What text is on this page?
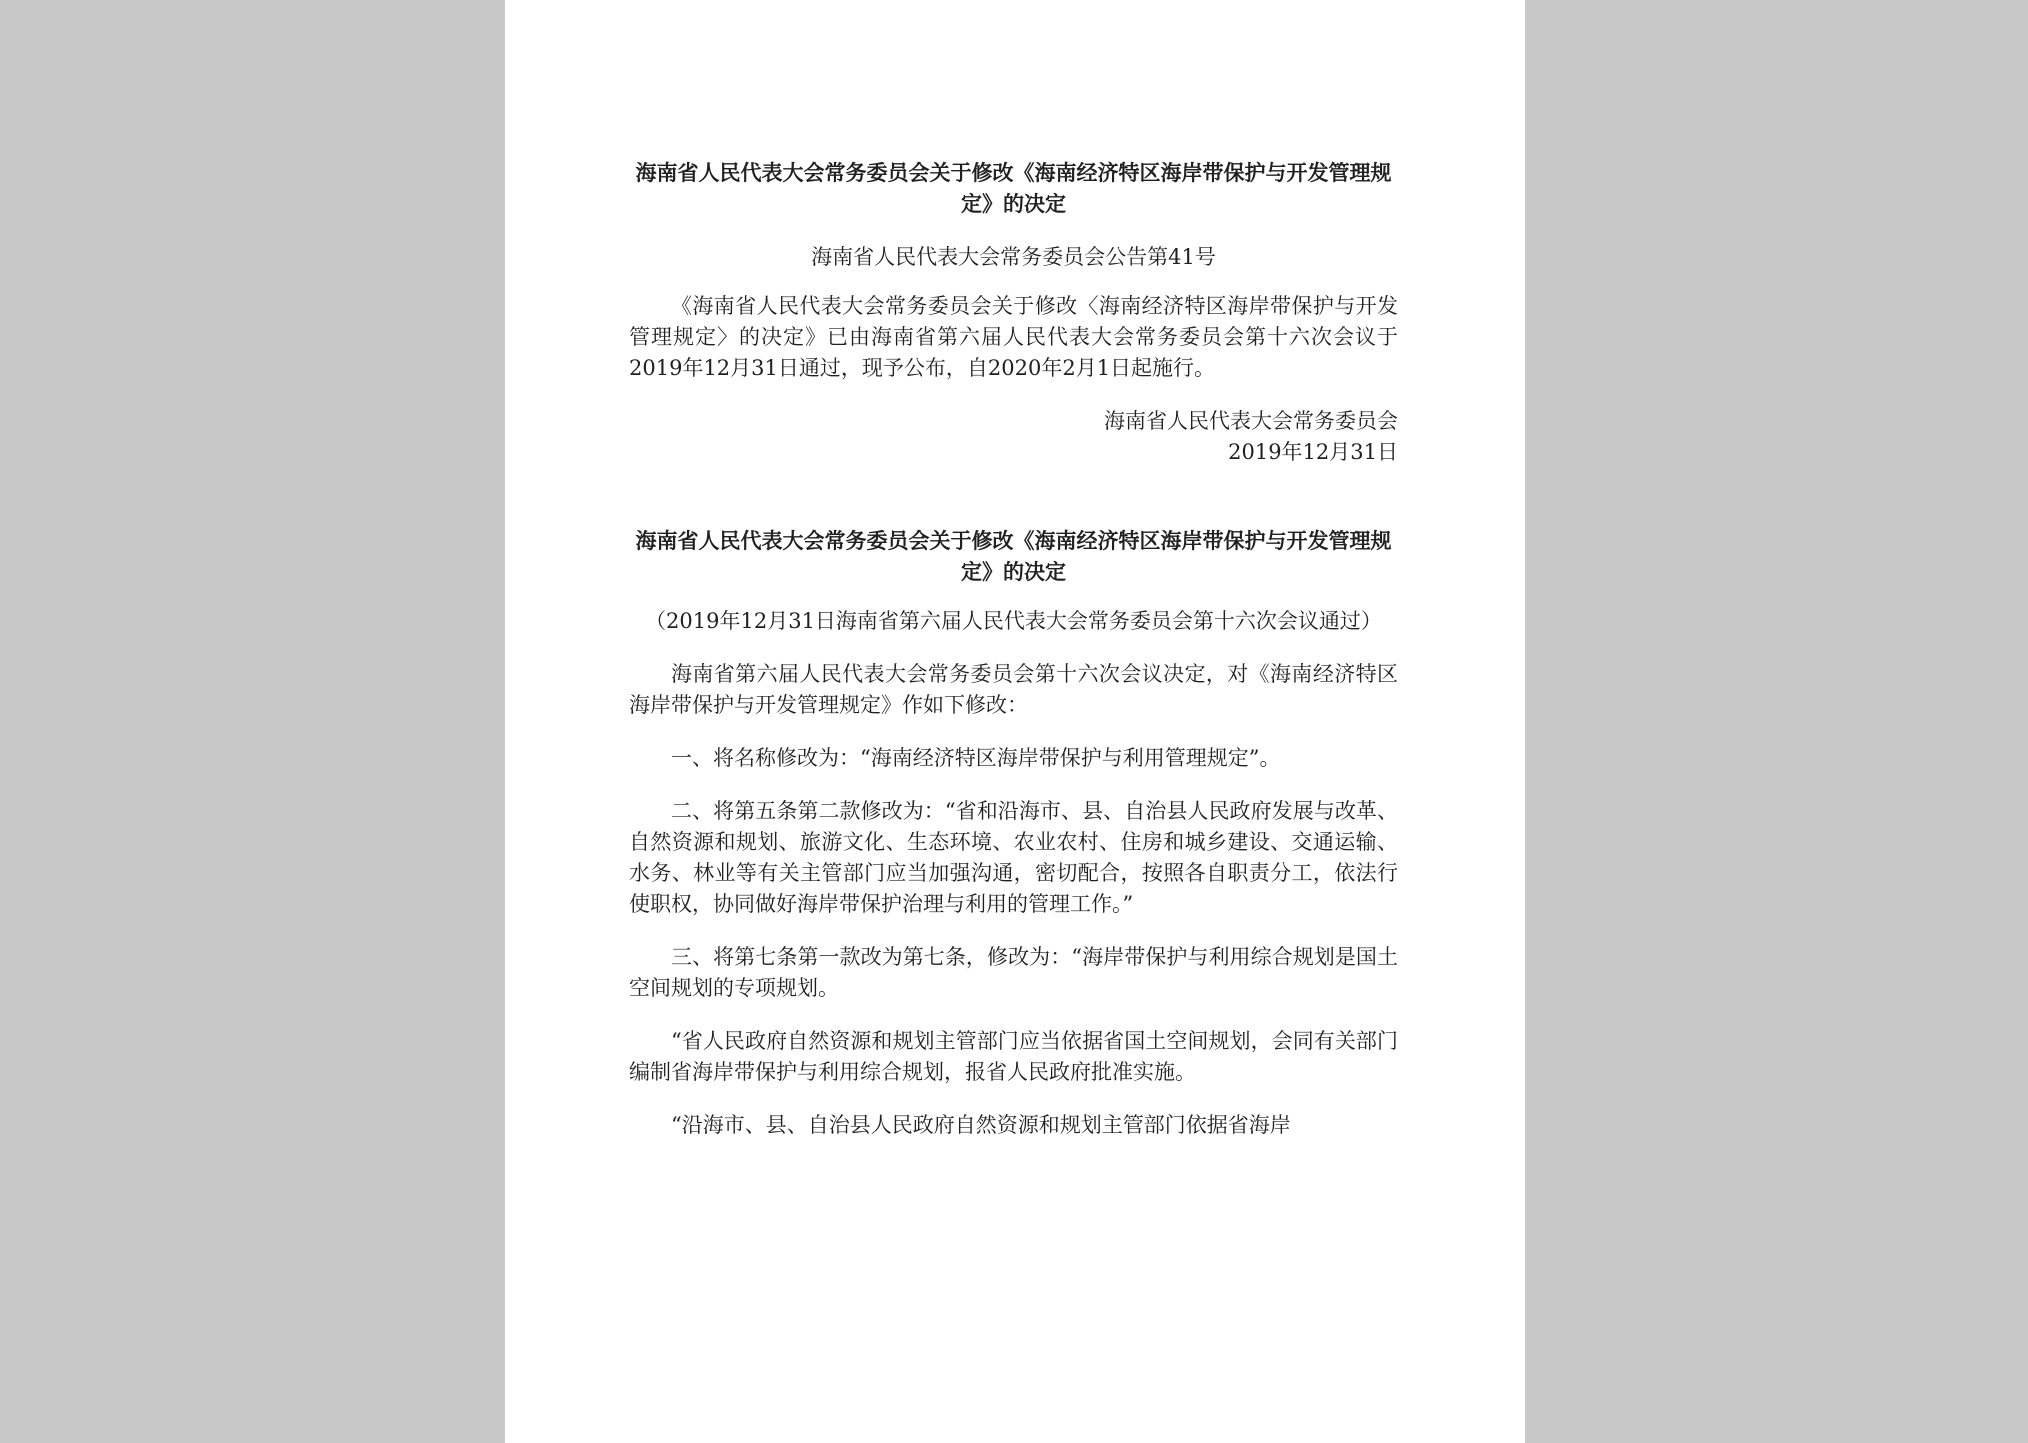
海南省人民代表大会常务委员会关于修改《海南经济特区海岸带保护与开发管理规定》的决定

海南省人民代表大会常务委员会公告第41号

《海南省人民代表大会常务委员会关于修改〈海南经济特区海岸带保护与开发管理规定〉的决定》已由海南省第六届人民代表大会常务委员会第十六次会议于2019年12月31日通过，现予公布，自2020年2月1日起施行。

海南省人民代表大会常务委员会

2019年12月31日

海南省人民代表大会常务委员会关于修改《海南经济特区海岸带保护与开发管理规定》的决定

（2019年12月31日海南省第六届人民代表大会常务委员会第十六次会议通过）

海南省第六届人民代表大会常务委员会第十六次会议决定，对《海南经济特区海岸带保护与开发管理规定》作如下修改：

一、将名称修改为：“海南经济特区海岸带保护与利用管理规定”。

二、将第五条第二款修改为：“省和沿海市、县、自治县人民政府发展与改革、自然资源和规划、旅游文化、生态环境、农业农村、住房和城乡建设、交通运输、水务、林业等有关主管部门应当加强沟通，密切配合，按照各自职责分工，依法行使职权，协同做好海岸带保护治理与利用的管理工作。”

三、将第七条第一款改为第七条，修改为：“海岸带保护与利用综合规划是国土空间规划的专项规划。

“省人民政府自然资源和规划主管部门应当依据省国土空间规划，会同有关部门编制省海岸带保护与利用综合规划，报省人民政府批准实施。

“沿海市、县、自治县人民政府自然资源和规划主管部门依据省海岸
